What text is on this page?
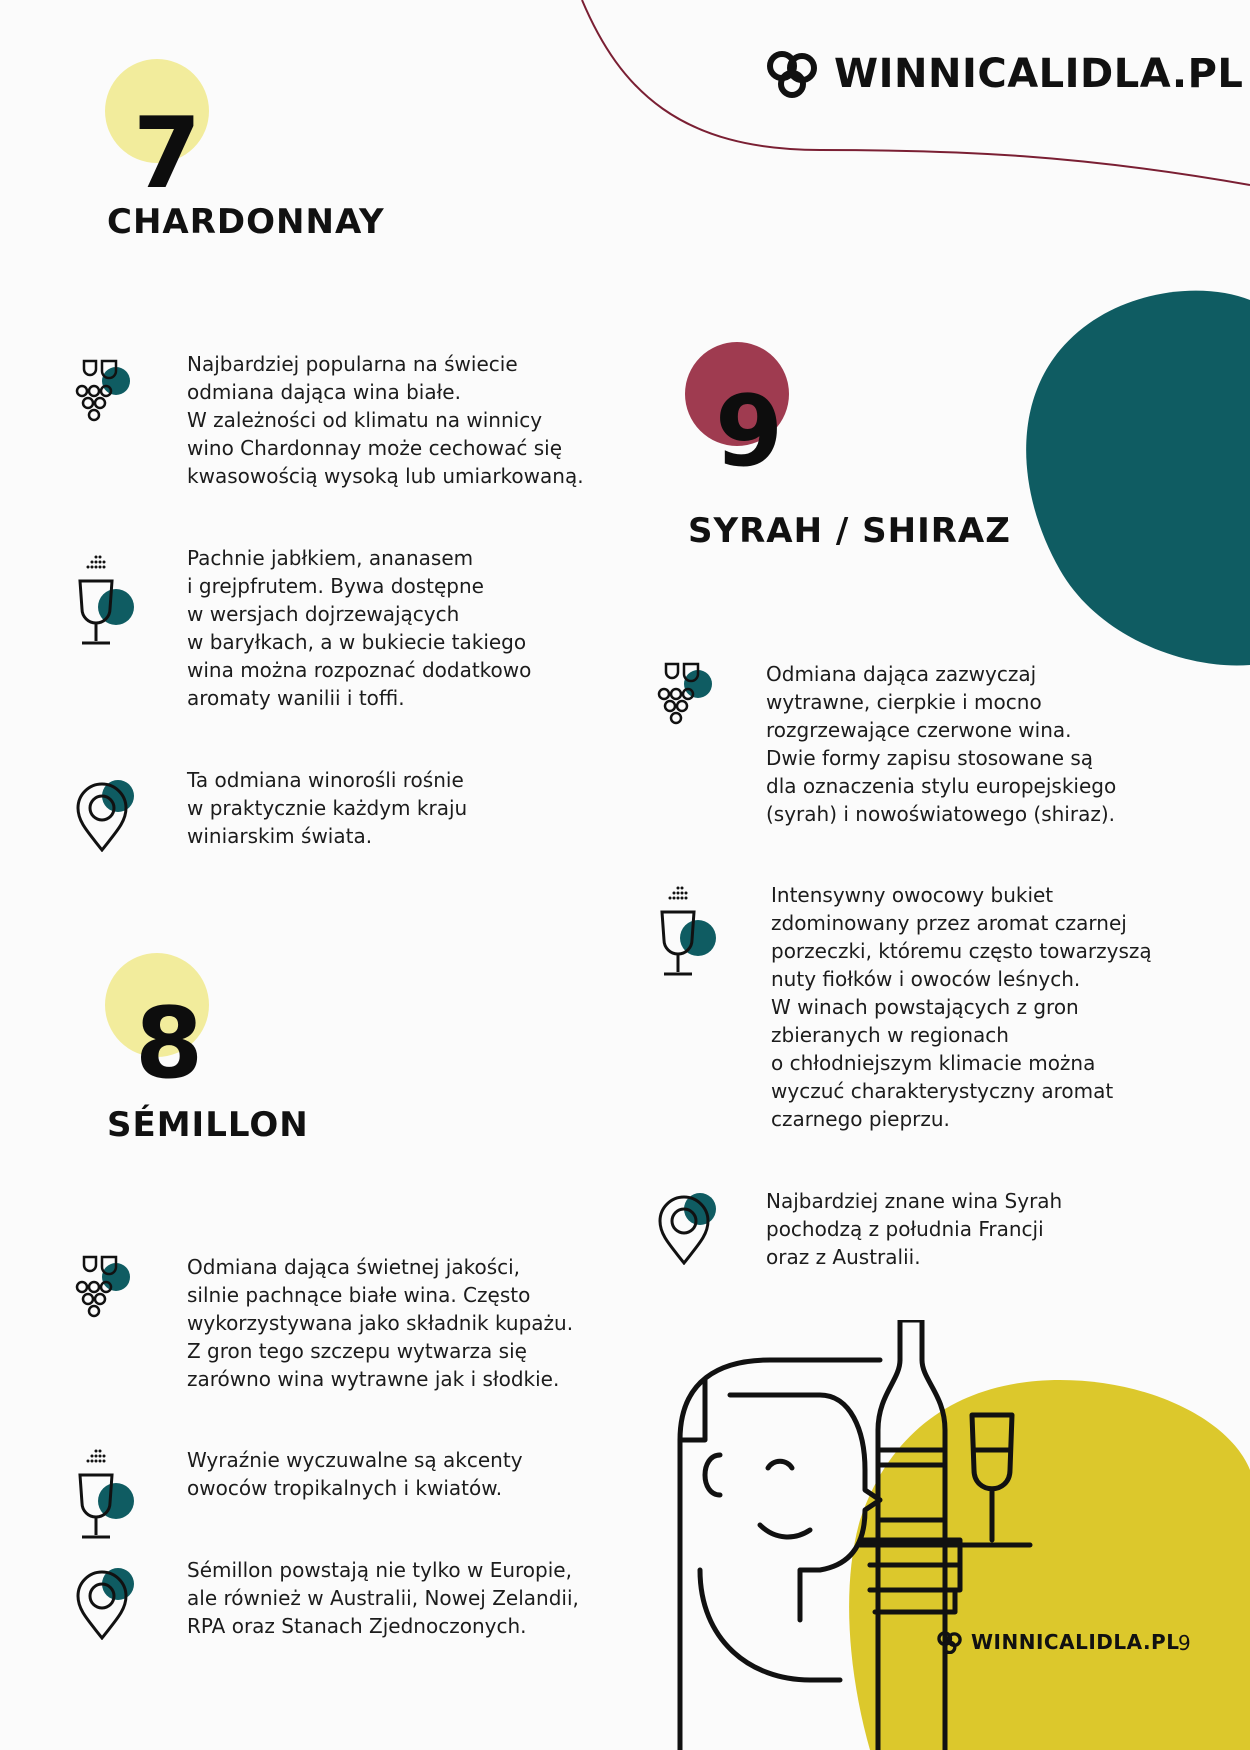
WINNICALIDLA.PL
7
CHARDONNAY
Najbardziej popularna na świecie
odmiana dająca wina białe.
W zależności od klimatu na winnicy
wino Chardonnay może cechować się
kwasowością wysoką lub umiarkowaną.
Pachnie jabłkiem, ananasem
i grejpfrutem. Bywa dostępne
w wersjach dojrzewających
w baryłkach, a w bukiecie takiego
wina można rozpoznać dodatkowo
aromaty wanilii i toffi.
Ta odmiana winorośli rośnie
w praktycznie każdym kraju
winiarskim świata.
8
SÉMILLON
Odmiana dająca świetnej jakości,
silnie pachnące białe wina. Często
wykorzystywana jako składnik kupażu.
Z gron tego szczepu wytwarza się
zarówno wina wytrawne jak i słodkie.
Wyraźnie wyczuwalne są akcenty
owoców tropikalnych i kwiatów.
Sémillon powstają nie tylko w Europie,
ale również w Australii, Nowej Zelandii,
RPA oraz Stanach Zjednoczonych.
9
SYRAH / SHIRAZ
Odmiana dająca zazwyczaj
wytrawne, cierpkie i mocno
rozgrzewające czerwone wina.
Dwie formy zapisu stosowane są
dla oznaczenia stylu europejskiego
(syrah) i nowoświatowego (shiraz).
Intensywny owocowy bukiet
zdominowany przez aromat czarnej
porzeczki, któremu często towarzyszą
nuty fiołków i owoców leśnych.
W winach powstających z gron
zbieranych w regionach
o chłodniejszym klimacie można
wyczuć charakterystyczny aromat
czarnego pieprzu.
Najbardziej znane wina Syrah
pochodzą z południa Francji
oraz z Australii.
WINNICALIDLA.PL
9
